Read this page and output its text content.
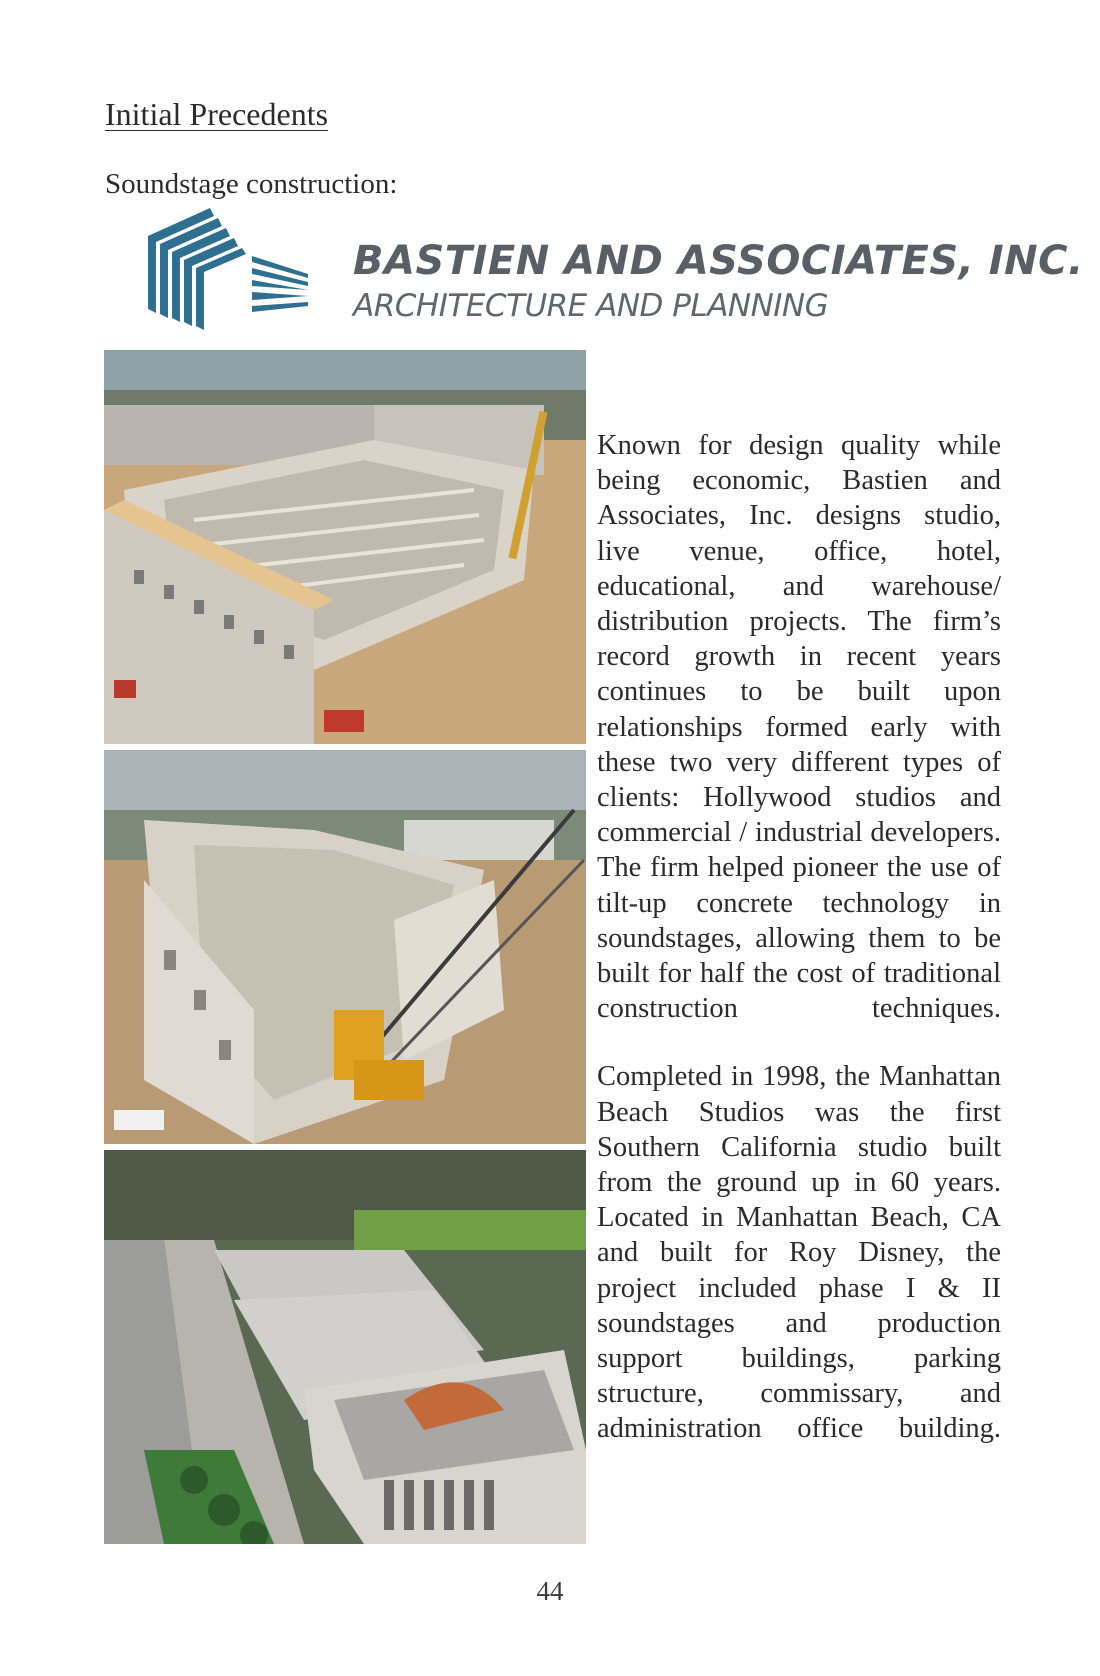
Initial Precedents
Soundstage construction:
BASTIEN AND ASSOCIATES, INC.
ARCHITECTURE AND PLANNING

Known for design quality while being economic, Bastien and Associates, Inc. designs studio, live venue, office, hotel, educational, and warehouse/ distribution projects. The firm’s record growth in recent years continues to be built upon relationships formed early with these two very different types of clients: Hollywood studios and commercial / industrial developers. The firm helped pioneer the use of tilt-up concrete technology in soundstages, allowing them to be built for half the cost of traditional construction techniques.

Completed in 1998, the Manhattan Beach Studios was the first Southern California studio built from the ground up in 60 years. Located in Manhattan Beach, CA and built for Roy Disney, the project included phase I & II soundstages and production support buildings, parking structure, commissary, and administration office building.

44
